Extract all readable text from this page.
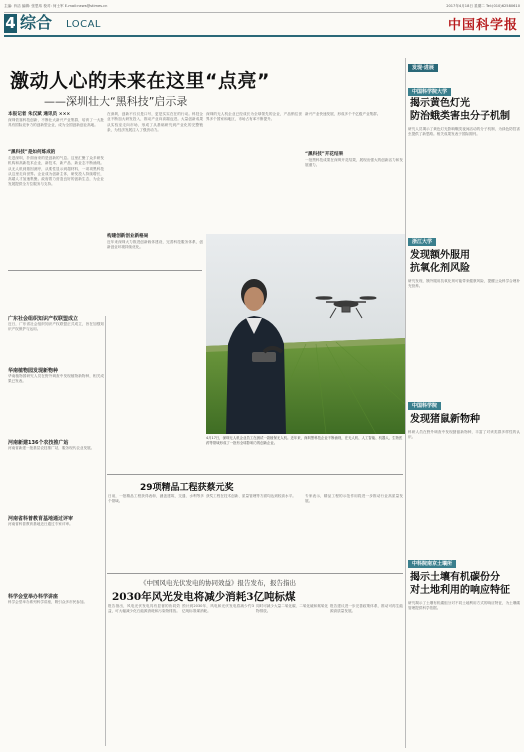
主编: 肖洁 编辑: 张思玮 校对: 何士军 E-mail:news@stimes.cn	2017年4月18日 星期二 Tel:(010)62580610
4 综合 LOCAL	中国科学报
激动人心的未来在这里“点亮”
——深圳壮大“黑科技”启示录
本报记者 朱汉斌 通讯员 ×××
深圳依靠科技创新，不断壮大新兴产业集群，培育了一大批具有国际竞争力的创新型企业，成为全国创新创业高地。
“黑科技”是如何炼成的
走进深圳，扑面而来的是创新的气息。这里汇聚了众多研发机构和高新技术企业，新技术、新产品、新业态不断涌现。从无人机到基因测序，从柔性显示到超材料，一项项黑科技从这里走向世界。企业成为创新主体，研发投入持续增长，高端人才加速集聚。政府着力营造良好的创新生态，为企业发展提供全方位服务与支持。
在深圳，创新不仅仅是口号，更是实实在在的行动。科技企业不断加大研发投入，推动产业向高端迈进。大量创新成果从实验室走向市场，形成了从基础研究到产业化的完整链条，为经济发展注入了强劲动力。
构建创新创业新格局
近年来深圳大力推进创新载体建设，完善科技服务体系，创新创业环境持续优化。
深圳的无人机企业已经成长为全球领先的企业，产品销往世界多个国家和地区，市场占有率不断提升。
新兴产业快速发展，形成多个千亿级产业集群。
“黑科技”开花结果
一批黑科技成果在深圳开花结果，展现出强大的创新活力和发展潜力。
4月17日，深圳无人机企业员工在测试一款植保无人机。近年来，深圳黑科技企业不断涌现，在无人机、人工智能、机器人、生物医药等领域形成了一批有全球影响力的创新企业。
广东社会组织知识产权联盟成立
近日，广东省社会组织知识产权联盟正式成立，旨在加强知识产权保护与运用。
华南植物园发现新物种
华南植物园研究人员在野外调查中发现植物新物种，相关成果已发表。
河南新建136个农技推广站
河南省新建一批基层农技推广站，服务现代农业发展。
河南省科普教育基地通过评审
河南省科普教育基地近日通过专家评审。
科学会堂举办科学讲座
科学会堂举办系列科学讲座，吸引众多市民参加。
29项精品工程获蔡元奖
日前，一批精品工程获得表彰，涵盖建筑、交通、水利等多个领域。
获奖工程在技术创新、质量管理等方面均达到较高水平。	专家表示，精品工程的示范作用将进一步推动行业高质量发展。
《中国风电光伏发电的协同效益》报告发布，报告指出
2030年风光发电将减少消耗3亿吨标煤
报告指出，风电光伏发电具有显著的协同效益，可大幅减少化石能源消耗和污染物排放。
预计到2030年，风电和光伏发电将减少约3亿吨标准煤消耗。
同时可减少大量二氧化碳、二氧化硫和氮氧化物排放。
报告建议进一步完善政策体系，推动可再生能源高质量发展。
发现·进展
中国科学院大学
揭示黄色灯光
防治蛾类害虫分子机制
研究人员揭示了黄色灯光影响蛾类夜间活动的分子机制，为绿色防控害虫提供了新思路。相关成果发表于国际期刊。
浙江大学
发现额外服用
抗氧化剂风险
研究发现，额外服用抗氧化剂可能带来健康风险，提醒公众科学合理补充营养。
中国科学院
发现猪鼠新物种
科研人员在野外调查中发现猪鼠新物种，丰富了对该类群多样性的认识。
中科院南京土壤所
揭示土壤有机碳份分
对土地利用的响应特征
研究揭示了土壤有机碳组分对不同土地利用方式的响应特征，为土壤碳管理提供科学依据。
